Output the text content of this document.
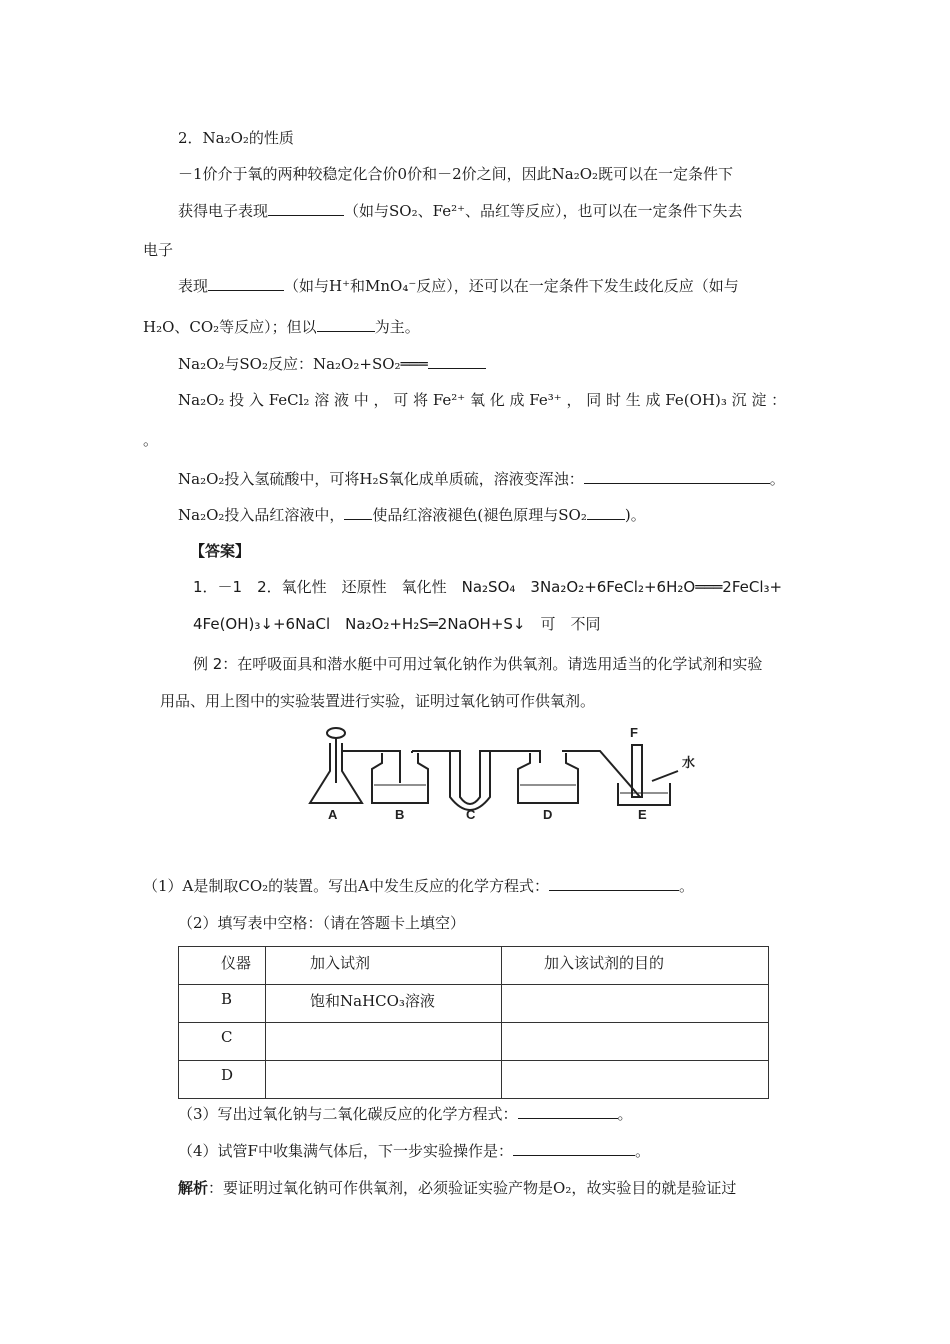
2．Na₂O₂的性质
－1价介于氧的两种较稳定化合价0价和－2价之间，因此Na₂O₂既可以在一定条件下
获得电子表现	（如与SO₂、Fe²⁺、品红等反应），也可以在一定条件下失去
电子
表现	（如与H⁺和MnO₄⁻反应），还可以在一定条件下发生歧化反应（如与
H₂O、CO₂等反应）；但以	为主。
Na₂O₂与SO₂反应：Na₂O₂+SO₂═══
Na₂O₂ 投 入 FeCl₂ 溶 液 中 ， 可 将 Fe²⁺ 氧 化 成 Fe³⁺ ， 同 时 生 成 Fe(OH)₃ 沉 淀 ：
。
Na₂O₂投入氢硫酸中，可将H₂S氧化成单质硫，溶液变浑浊：	。
Na₂O₂投入品红溶液中， 使品红溶液褪色(褪色原理与SO₂	)。
【答案】
1．－1　2．氧化性　还原性　氧化性　Na₂SO₄　3Na₂O₂+6FeCl₂+6H₂O═══2FeCl₃+
4Fe(OH)₃↓+6NaCl　Na₂O₂+H₂S═2NaOH+S↓　可　不同
例 2：在呼吸面具和潜水艇中可用过氧化钠作为供氧剂。请选用适当的化学试剂和实验
用品、用上图中的实验装置进行实验，证明过氧化钠可作供氧剂。
A	B	C	D	E
F
水
（1）A是制取CO₂的装置。写出A中发生反应的化学方程式：	。
（2）填写表中空格：（请在答题卡上填空）
仪器	加入试剂	加入该试剂的目的

B	饱和NaHCO₃溶液	

C		

D		

（3）写出过氧化钠与二氧化碳反应的化学方程式：	。
（4）试管F中收集满气体后，下一步实验操作是：	。
解析：要证明过氧化钠可作供氧剂，必须验证实验产物是O₂，故实验目的就是验证过
